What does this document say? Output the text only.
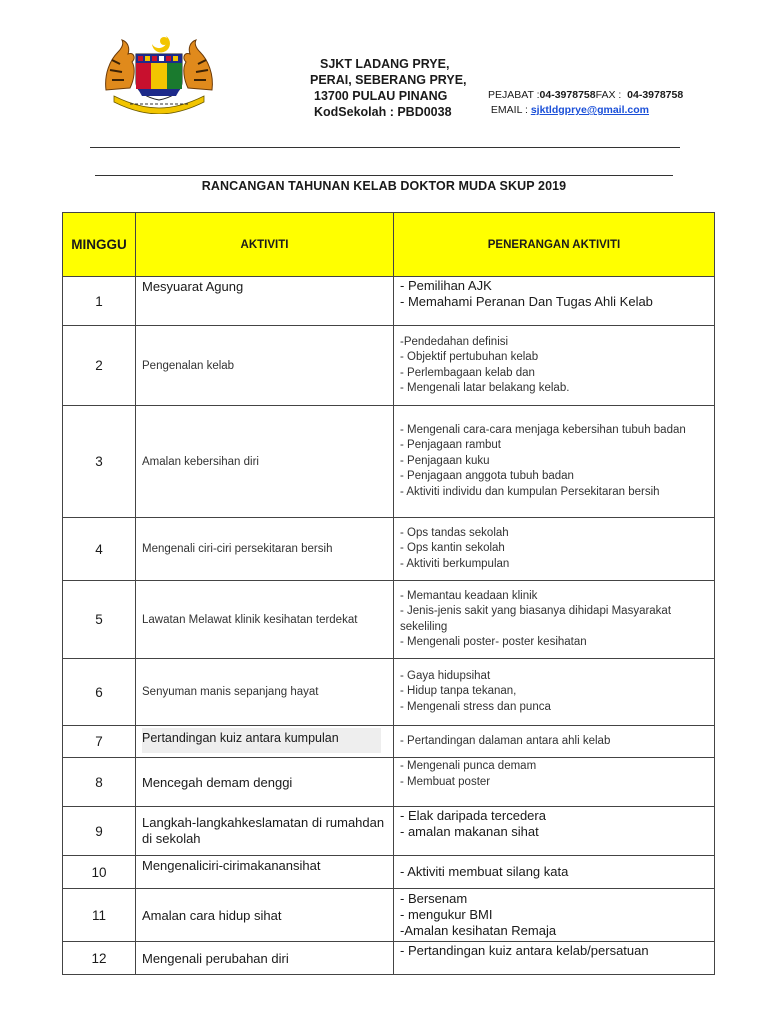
SJKT LADANG PRYE,
PERAI, SEBERANG PRYE,
13700 PULAU PINANG
KodSekolah : PBD0038
PEJABAT :04-3978758FAX : 04-3978758
EMAIL : sjktldgprye@gmail.com
RANCANGAN TAHUNAN KELAB DOKTOR MUDA SKUP 2019
MINGGU	AKTIVITI	PENERANGAN AKTIVITI
1	Mesyuarat Agung	- Pemilihan AJK
- Memahami Peranan Dan Tugas Ahli Kelab

2	Pengenalan kelab	-Pendedahan definisi
- Objektif pertubuhan kelab
- Perlembagaan kelab dan
- Mengenali latar belakang kelab.

3	Amalan kebersihan diri	- Mengenali cara-cara menjaga kebersihan tubuh badan
- Penjagaan rambut
- Penjagaan kuku
- Penjagaan anggota tubuh badan
- Aktiviti individu dan kumpulan Persekitaran bersih

4	Mengenali ciri-ciri persekitaran bersih	- Ops tandas sekolah
- Ops kantin sekolah
- Aktiviti berkumpulan

5	Lawatan Melawat klinik kesihatan terdekat	- Memantau keadaan klinik
- Jenis-jenis sakit yang biasanya dihidapi Masyarakat sekeliling
- Mengenali poster- poster kesihatan

6	Senyuman manis sepanjang hayat	- Gaya hidupsihat
- Hidup tanpa tekanan,
- Mengenali stress dan punca

7	Pertandingan kuiz antara kumpulan	- Pertandingan dalaman antara ahli kelab

8	Mencegah demam denggi	- Mengenali punca demam
- Membuat poster

9	Langkah-langkahkeslamatan di rumahdan di sekolah	- Elak daripada tercedera
- amalan makanan sihat

10	Mengenaliciri-cirimakanansihat	- Aktiviti membuat silang kata

11	Amalan cara hidup sihat	- Bersenam
- mengukur BMI
-Amalan kesihatan Remaja

12	Mengenali perubahan diri	- Pertandingan kuiz antara kelab/persatuan
